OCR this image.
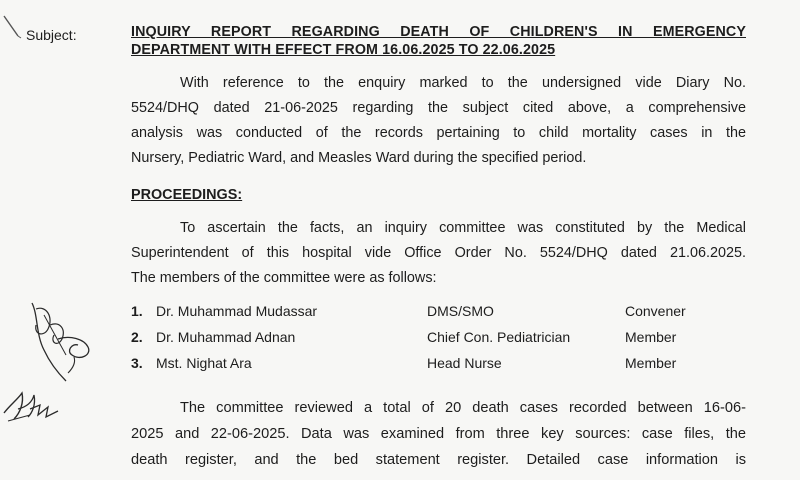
Subject:	INQUIRY REPORT REGARDING DEATH OF CHILDREN'S IN EMERGENCY
DEPARTMENT WITH EFFECT FROM 16.06.2025 TO 22.06.2025
With reference to the enquiry marked to the undersigned vide Diary No.
5524/DHQ dated 21-06-2025 regarding the subject cited above, a comprehensive
analysis was conducted of the records pertaining to child mortality cases in the
Nursery, Pediatric Ward, and Measles Ward during the specified period.
PROCEEDINGS:
To ascertain the facts, an inquiry committee was constituted by the Medical
Superintendent of this hospital vide Office Order No. 5524/DHQ dated 21.06.2025.
The members of the committee were as follows:
1. Dr. Muhammad Mudassar	DMS/SMO	Convener
2. Dr. Muhammad Adnan	Chief Con. Pediatrician	Member
3. Mst. Nighat Ara	Head Nurse	Member
The committee reviewed a total of 20 death cases recorded between 16-06-
2025 and 22-06-2025. Data was examined from three key sources: case files, the
death register, and the bed statement register. Detailed case information is
